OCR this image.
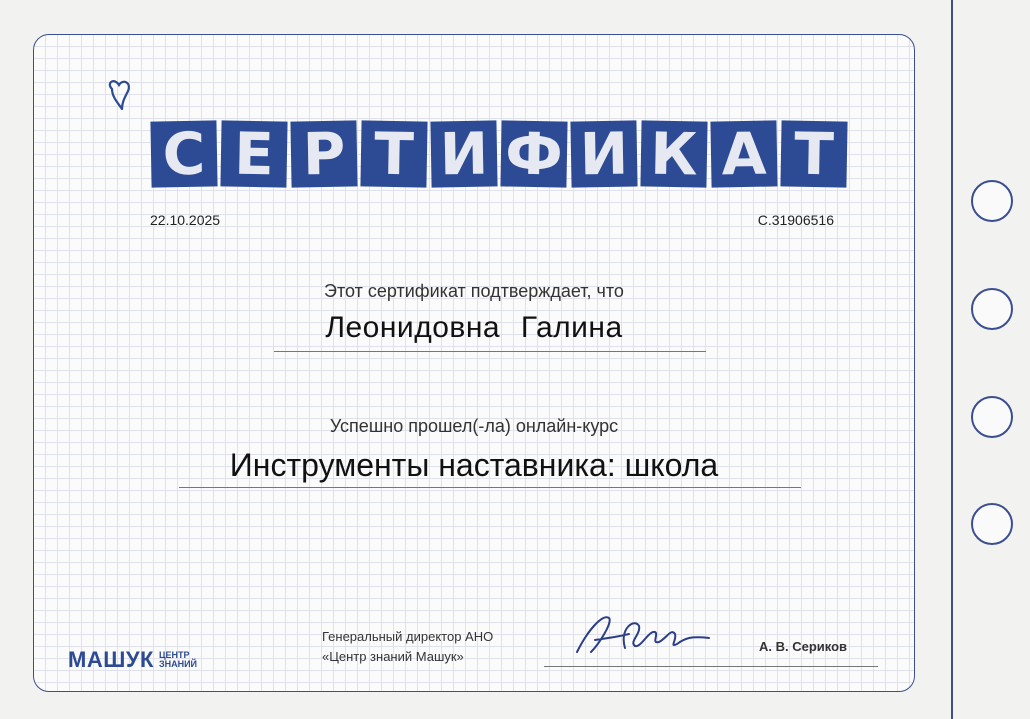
С Е Р Т И Ф И К А Т
22.10.2025	С.31906516
Этот сертификат подтверждает, что
Леонидовна Галина
Успешно прошел(-ла) онлайн-курс
Инструменты наставника: школа
МАШУК ЦЕНТР
ЗНАНИЙ
Генеральный директор АНО
«Центр знаний Машук»
А. В. Сериков
